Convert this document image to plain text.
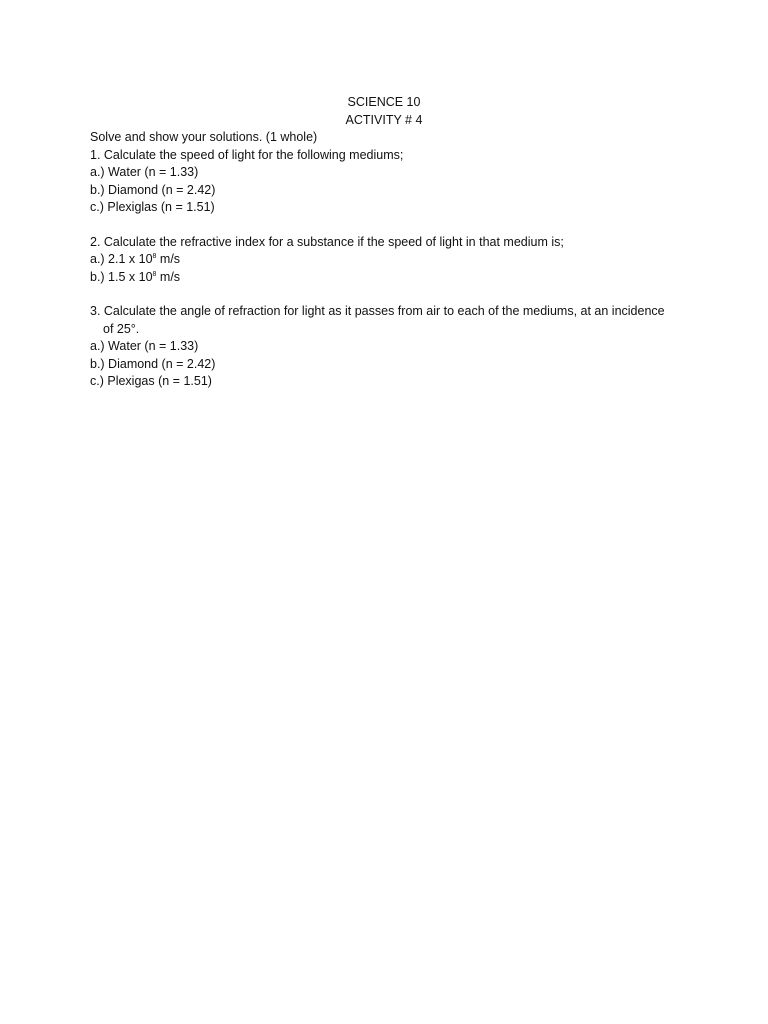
SCIENCE 10
ACTIVITY # 4
Solve and show your solutions. (1 whole)
1. Calculate the speed of light for the following mediums;
a.) Water (n = 1.33)
b.) Diamond (n = 2.42)
c.) Plexiglas (n = 1.51)
2. Calculate the refractive index for a substance if the speed of light in that medium is;
a.) 2.1 x $10^8$ m/s
b.) 1.5 x $10^8$ m/s
3. Calculate the angle of refraction for light as it passes from air to each of the mediums, at an incidence
of 25°.
a.) Water (n = 1.33)
b.) Diamond (n = 2.42)
c.) Plexigas (n = 1.51)
